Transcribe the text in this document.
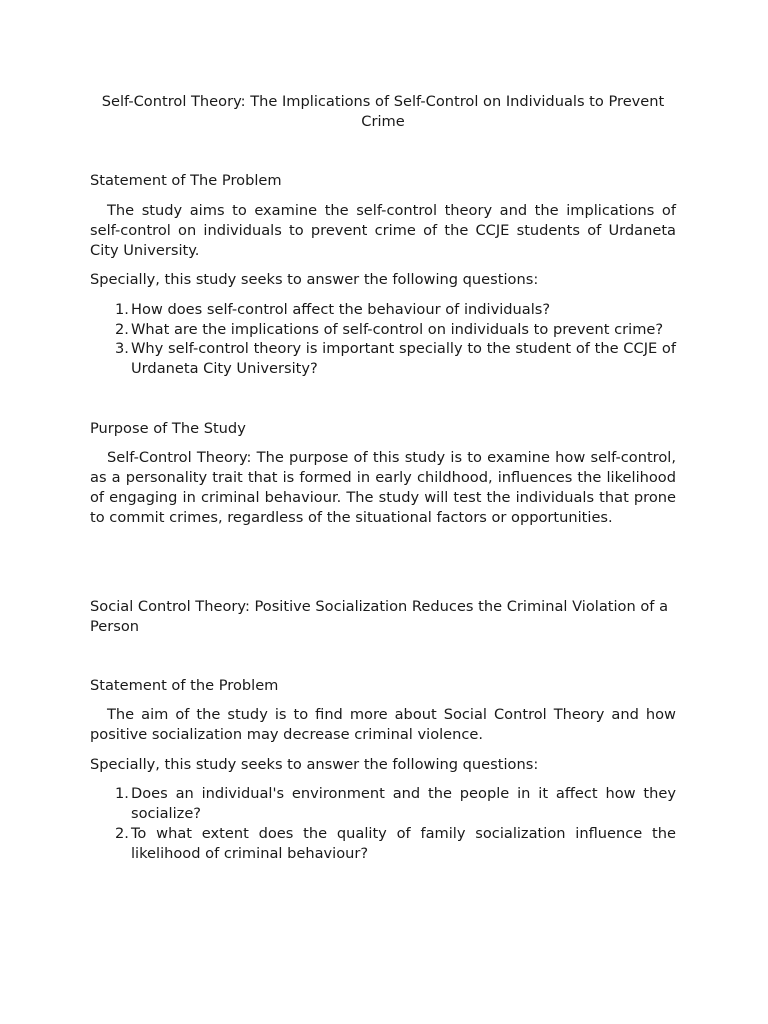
Self-Control Theory: The Implications of Self-Control on Individuals to Prevent Crime

Statement of The Problem

The study aims to examine the self-control theory and the implications of self-control on individuals to prevent crime of the CCJE students of Urdaneta City University.

Specially, this study seeks to answer the following questions:

1. How does self-control affect the behaviour of individuals?
2. What are the implications of self-control on individuals to prevent crime?
3. Why self-control theory is important specially to the student of the CCJE of Urdaneta City University?

Purpose of The Study

Self-Control Theory: The purpose of this study is to examine how self-control, as a personality trait that is formed in early childhood, influences the likelihood of engaging in criminal behaviour. The study will test the individuals that prone to commit crimes, regardless of the situational factors or opportunities.

Social Control Theory: Positive Socialization Reduces the Criminal Violation of a Person

Statement of the Problem

The aim of the study is to find more about Social Control Theory and how positive socialization may decrease criminal violence.

Specially, this study seeks to answer the following questions:

1. Does an individual's environment and the people in it affect how they socialize?
2. To what extent does the quality of family socialization influence the likelihood of criminal behaviour?
